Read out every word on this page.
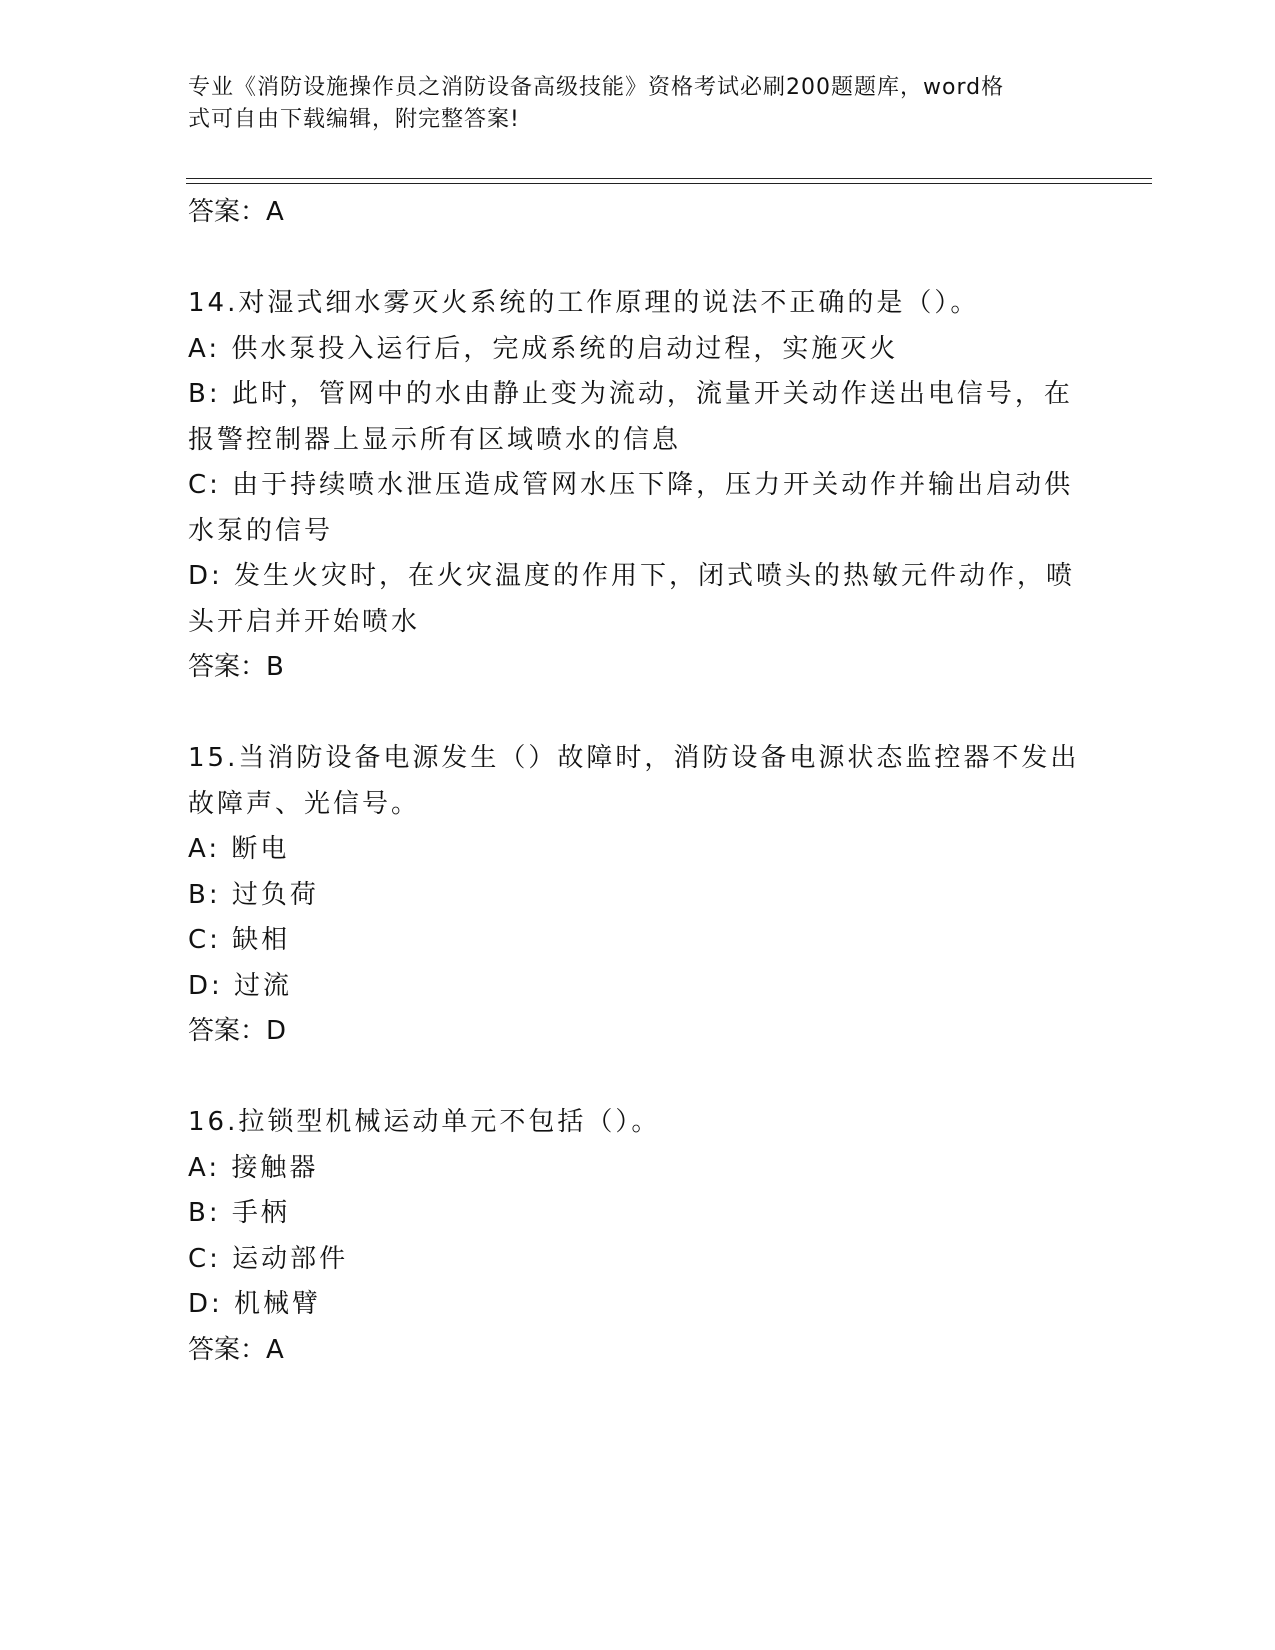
专业《消防设施操作员之消防设备高级技能》资格考试必刷200题题库，word格
式可自由下载编辑，附完整答案!
答案：A
14.对湿式细水雾灭火系统的工作原理的说法不正确的是（）。
A: 供水泵投入运行后，完成系统的启动过程，实施灭火
B: 此时，管网中的水由静止变为流动，流量开关动作送出电信号，在
报警控制器上显示所有区域喷水的信息
C: 由于持续喷水泄压造成管网水压下降，压力开关动作并输出启动供
水泵的信号
D: 发生火灾时，在火灾温度的作用下，闭式喷头的热敏元件动作，喷
头开启并开始喷水
答案：B
15.当消防设备电源发生（）故障时，消防设备电源状态监控器不发出
故障声、光信号。
A: 断电
B: 过负荷
C: 缺相
D: 过流
答案：D
16.拉锁型机械运动单元不包括（）。
A: 接触器
B: 手柄
C: 运动部件
D: 机械臂
答案：A
